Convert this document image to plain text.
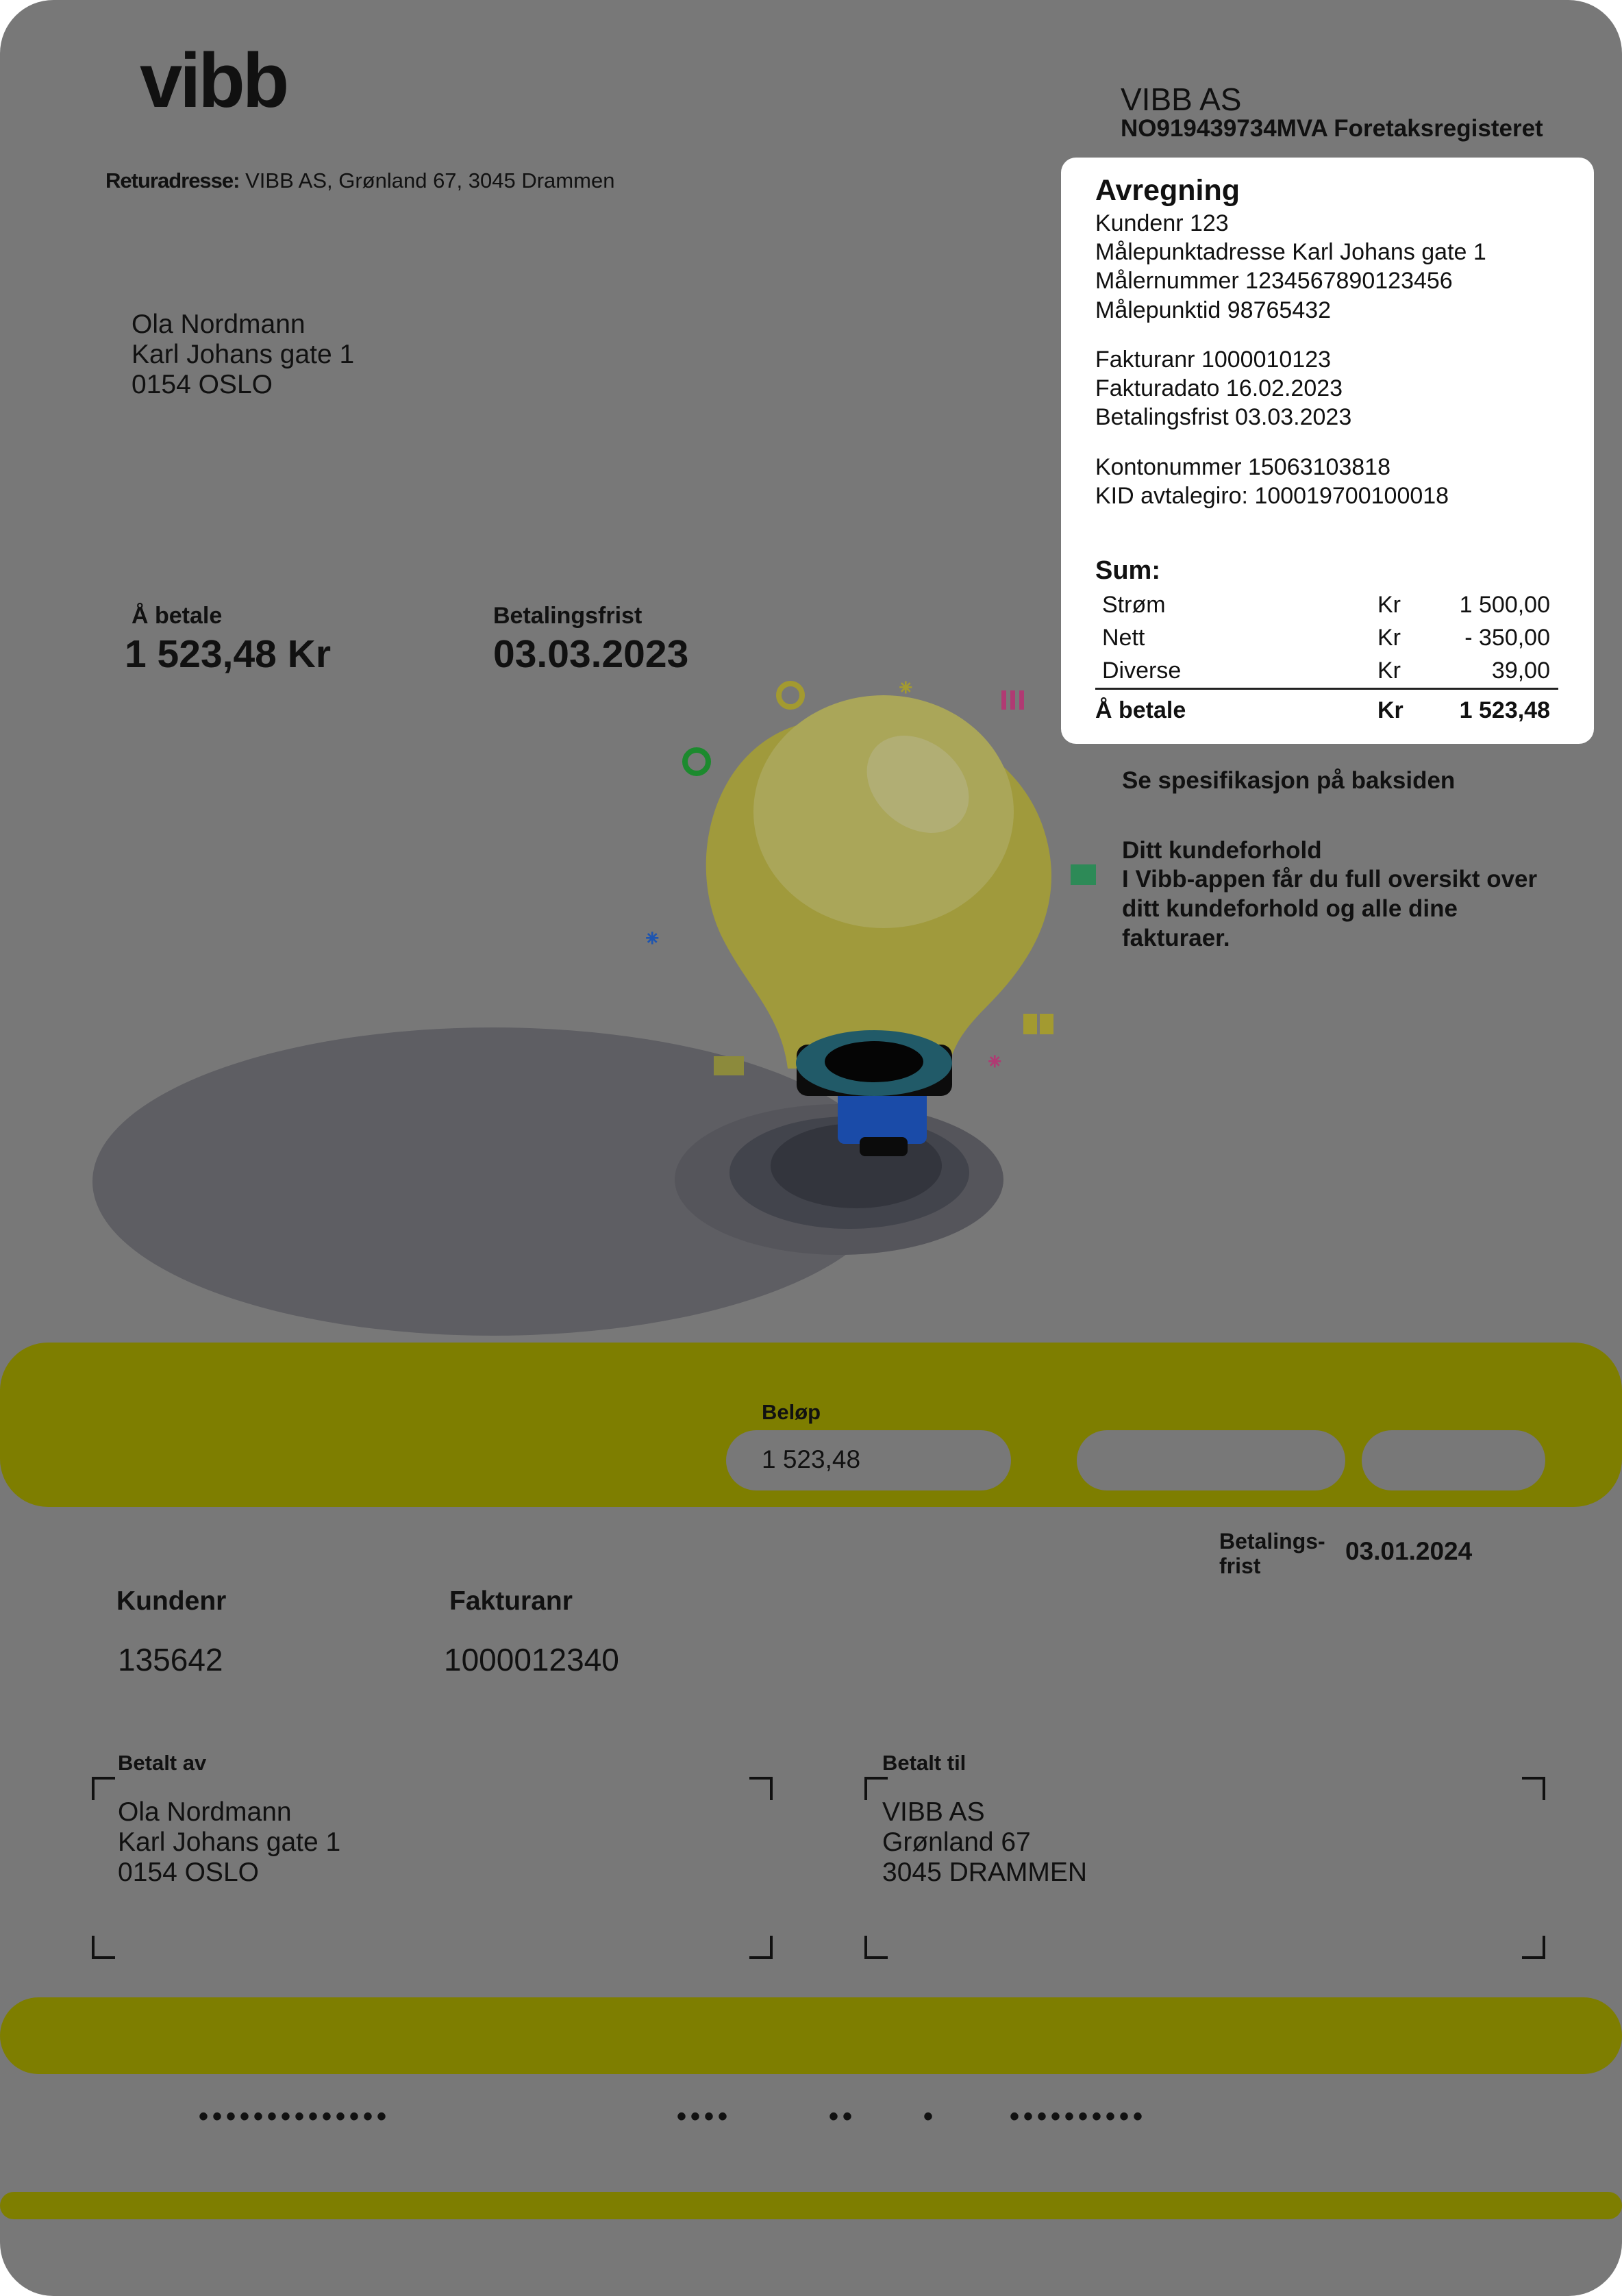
vibb
Returadresse: VIBB AS, Grønland 67, 3045 Drammen
VIBB AS
NO919439734MVA Foretaksregisteret
Ola Nordmann
Karl Johans gate 1
0154 OSLO
Å betale
1 523,48 Kr
Betalingsfrist
03.03.2023
⁕
⁕
⁕
Avregning
Kundenr 123
Målepunktadresse Karl Johans gate 1
Målernummer 1234567890123456
Målepunktid 98765432
Fakturanr 1000010123
Fakturadato 16.02.2023
Betalingsfrist 03.03.2023
Kontonummer 15063103818
KID avtalegiro: 100019700100018
Sum:
Strøm	Kr	1 500,00
Nett	Kr	- 350,00
Diverse	Kr	39,00
Å betale	Kr 1 523,48
Se spesifikasjon på baksiden
Ditt kundeforhold
I Vibb-appen får du full oversikt over ditt kundeforhold og alle dine fakturaer.
Beløp
1 523,48
Betalings-
frist
03.01.2024
Kundenr
135642
Fakturanr
1000012340
Betalt av
Ola Nordmann
Karl Johans gate 1
0154 OSLO
Betalt til
VIBB AS
Grønland 67
3045 DRAMMEN
••••••••••••••	••••	•• •	••••••••••
